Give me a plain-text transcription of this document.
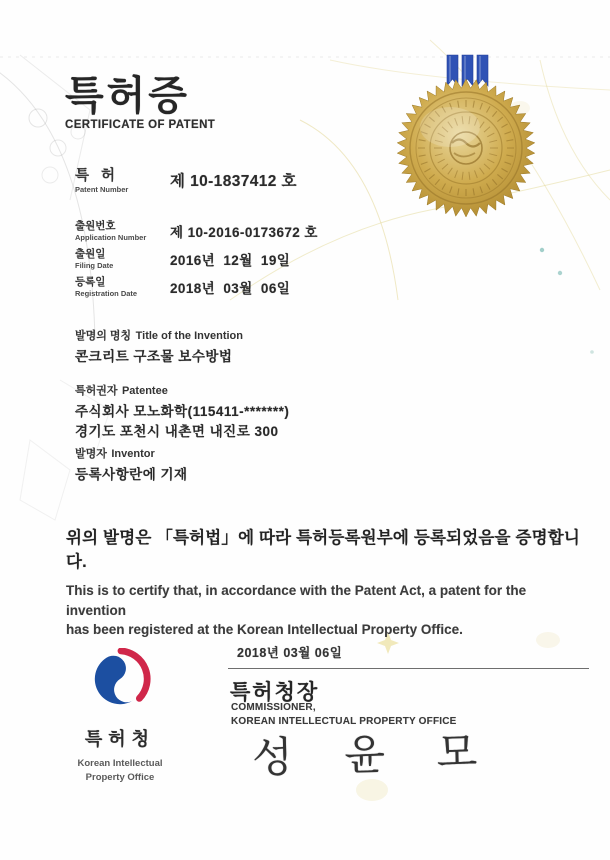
특허증
CERTIFICATE OF PATENT
특 허
Patent Number	제 10-1837412 호
출원번호
Application Number 제 10-2016-0173672 호
출원일
Filing Date	2016년  12월  19일
등록일
Registration Date 2018년  03월  06일
발명의 명칭 Title of the Invention
콘크리트 구조물 보수방법
특허권자 Patentee
주식회사 모노화학(115411-*******)
경기도 포천시 내촌면 내진로 300
발명자 Inventor
등록사항란에 기재
위의 발명은 「특허법」에 따라 특허등록원부에 등록되었음을 증명합니다.
This is to certify that, in accordance with the Patent Act, a patent for the invention
has been registered at the Korean Intellectual Property Office.
2018년 03월 06일
특허청장
COMMISSIONER,
KOREAN INTELLECTUAL PROPERTY OFFICE
성 윤 모
특허청
Korean Intellectual
Property Office
